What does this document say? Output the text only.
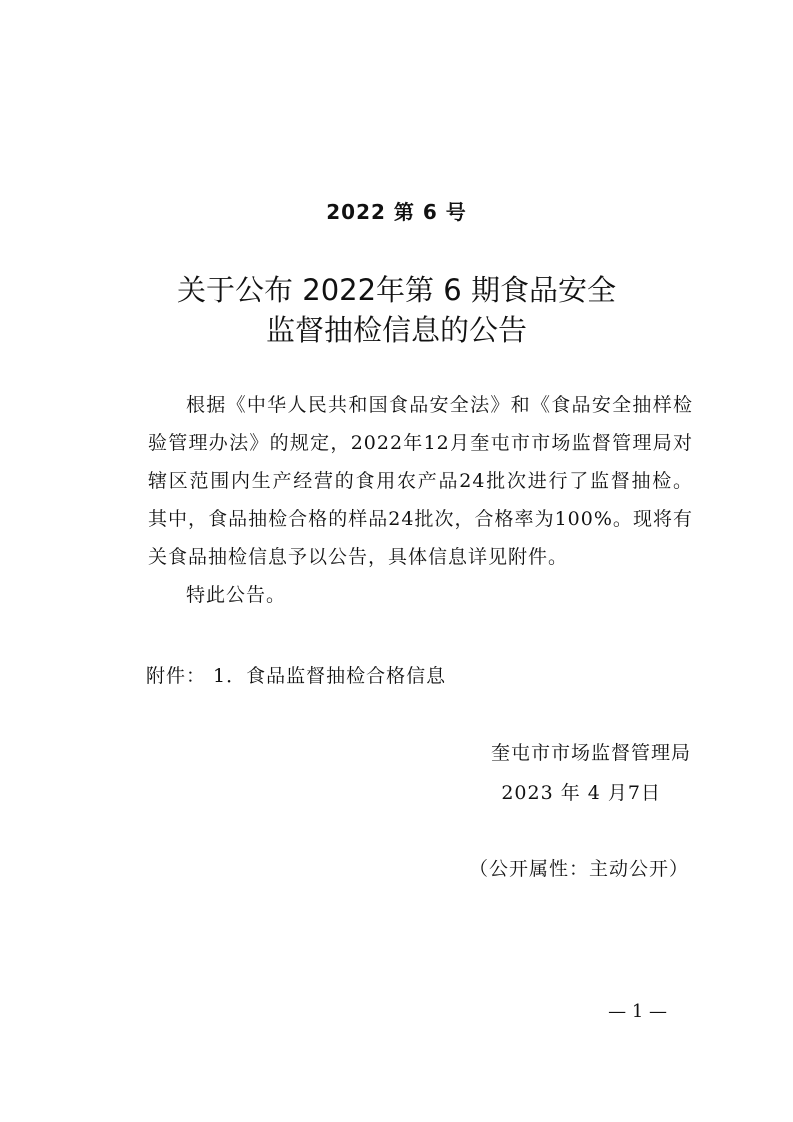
2022 第 6 号
关于公布 2022年第 6 期食品安全
监督抽检信息的公告

根据《中华人民共和国食品安全法》和《食品安全抽样检验管理办法》的规定，2022年12月奎屯市市场监督管理局对辖区范围内生产经营的食用农产品24批次进行了监督抽检。其中，食品抽检合格的样品24批次，合格率为100%。现将有关食品抽检信息予以公告，具体信息详见附件。

特此公告。

附件： 1．食品监督抽检合格信息
奎屯市市场监督管理局
2023 年 4 月7日
（公开属性：主动公开）
— 1 —
